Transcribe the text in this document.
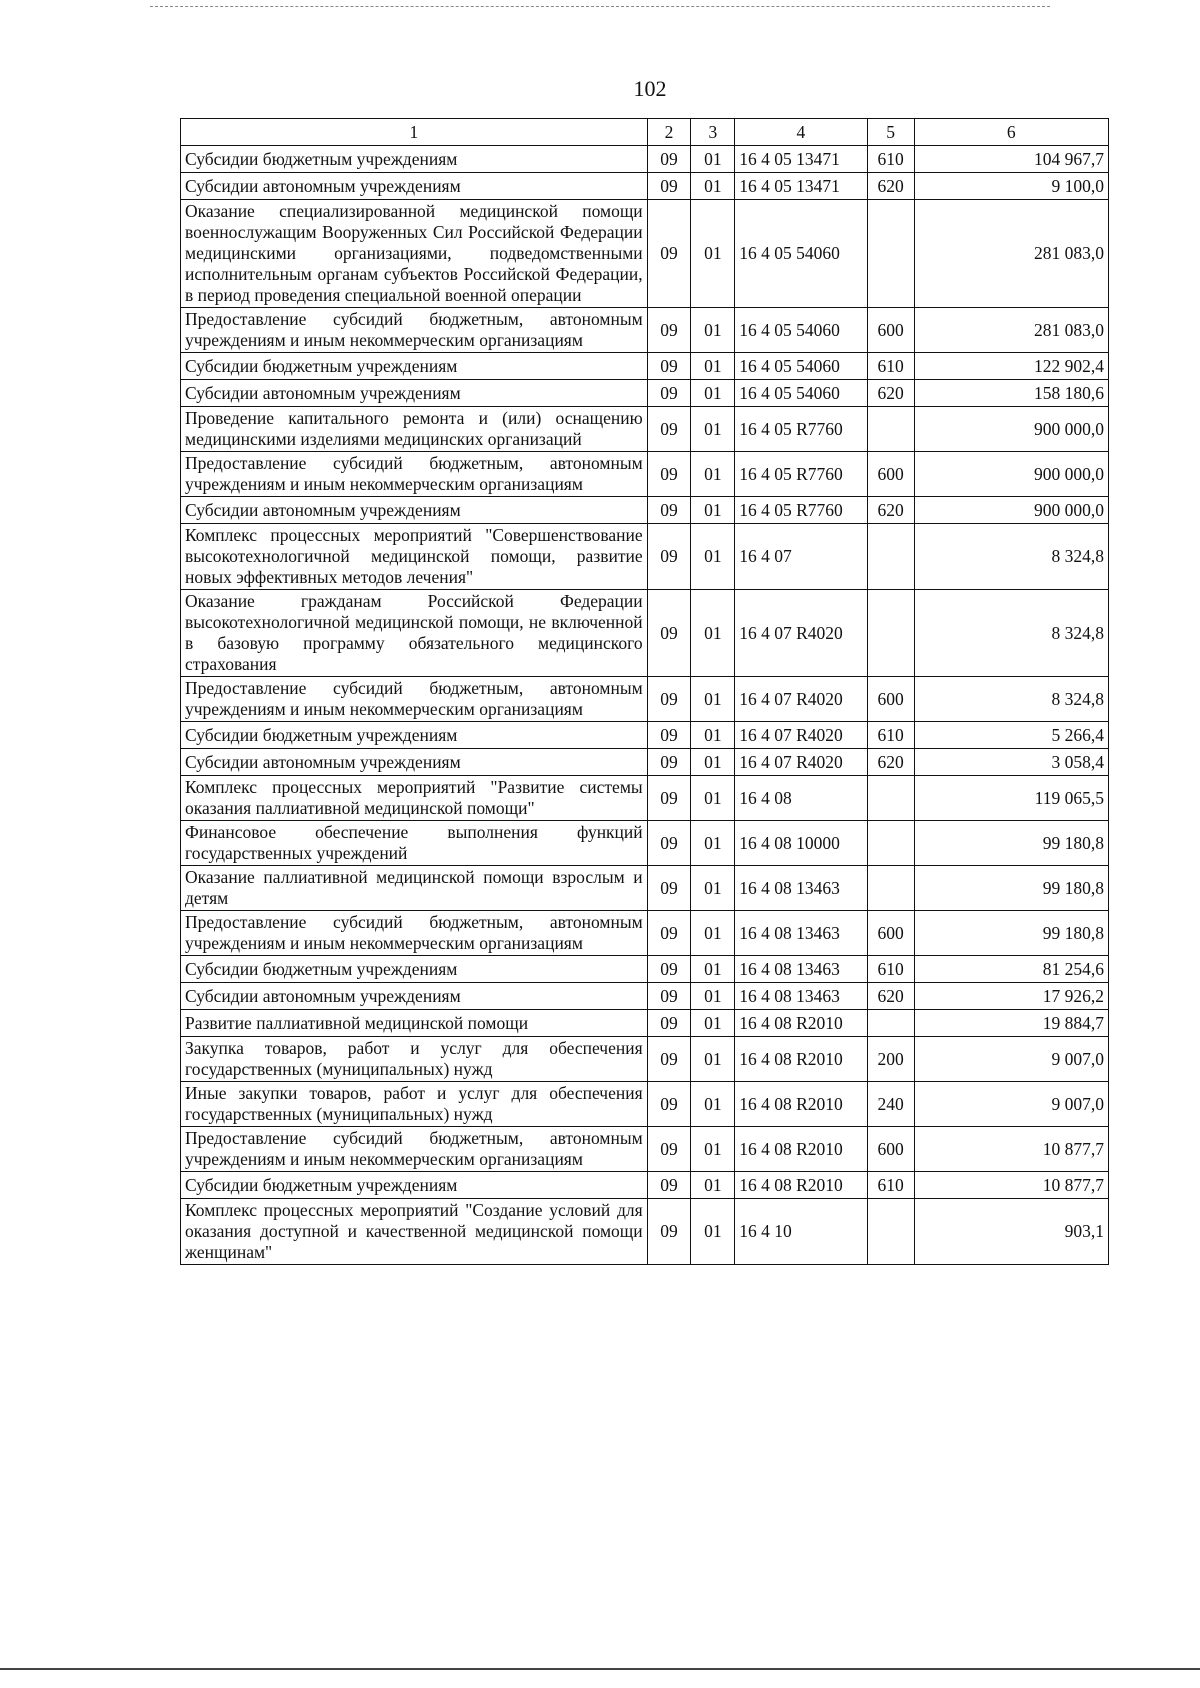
102
1	2	3	4	5	6
Субсидии бюджетным учреждениям	09	01	16 4 05 13471	610	104 967,7
Субсидии автономным учреждениям	09	01	16 4 05 13471	620	9 100,0
Оказание специализированной медицинской помощи военнослужащим Вооруженных Сил Российской Федерации медицинскими организациями, подведомственными исполнительным органам субъектов Российской Федерации, в период проведения специальной военной операции	09	01	16 4 05 54060		281 083,0
Предоставление субсидий бюджетным, автономным учреждениям и иным некоммерческим организациям	09	01	16 4 05 54060	600	281 083,0
Субсидии бюджетным учреждениям	09	01	16 4 05 54060	610	122 902,4
Субсидии автономным учреждениям	09	01	16 4 05 54060	620	158 180,6
Проведение капитального ремонта и (или) оснащению медицинскими изделиями медицинских организаций	09	01	16 4 05 R7760		900 000,0
Предоставление субсидий бюджетным, автономным учреждениям и иным некоммерческим организациям	09	01	16 4 05 R7760	600	900 000,0
Субсидии автономным учреждениям	09	01	16 4 05 R7760	620	900 000,0
Комплекс процессных мероприятий "Совершенствование высокотехнологичной медицинской помощи, развитие новых эффективных методов лечения"	09	01	16 4 07		8 324,8
Оказание гражданам Российской Федерации высокотехнологичной медицинской помощи, не включенной в базовую программу обязательного медицинского страхования	09	01	16 4 07 R4020		8 324,8
Предоставление субсидий бюджетным, автономным учреждениям и иным некоммерческим организациям	09	01	16 4 07 R4020	600	8 324,8
Субсидии бюджетным учреждениям	09	01	16 4 07 R4020	610	5 266,4
Субсидии автономным учреждениям	09	01	16 4 07 R4020	620	3 058,4
Комплекс процессных мероприятий "Развитие системы оказания паллиативной медицинской помощи"	09	01	16 4 08		119 065,5
Финансовое обеспечение выполнения функций государственных учреждений	09	01	16 4 08 10000		99 180,8
Оказание паллиативной медицинской помощи взрослым и детям	09	01	16 4 08 13463		99 180,8
Предоставление субсидий бюджетным, автономным учреждениям и иным некоммерческим организациям	09	01	16 4 08 13463	600	99 180,8
Субсидии бюджетным учреждениям	09	01	16 4 08 13463	610	81 254,6
Субсидии автономным учреждениям	09	01	16 4 08 13463	620	17 926,2
Развитие паллиативной медицинской помощи	09	01	16 4 08 R2010		19 884,7
Закупка товаров, работ и услуг для обеспечения государственных (муниципальных) нужд	09	01	16 4 08 R2010	200	9 007,0
Иные закупки товаров, работ и услуг для обеспечения государственных (муниципальных) нужд	09	01	16 4 08 R2010	240	9 007,0
Предоставление субсидий бюджетным, автономным учреждениям и иным некоммерческим организациям	09	01	16 4 08 R2010	600	10 877,7
Субсидии бюджетным учреждениям	09	01	16 4 08 R2010	610	10 877,7
Комплекс процессных мероприятий "Создание условий для оказания доступной и качественной медицинской помощи женщинам"	09	01	16 4 10		903,1
